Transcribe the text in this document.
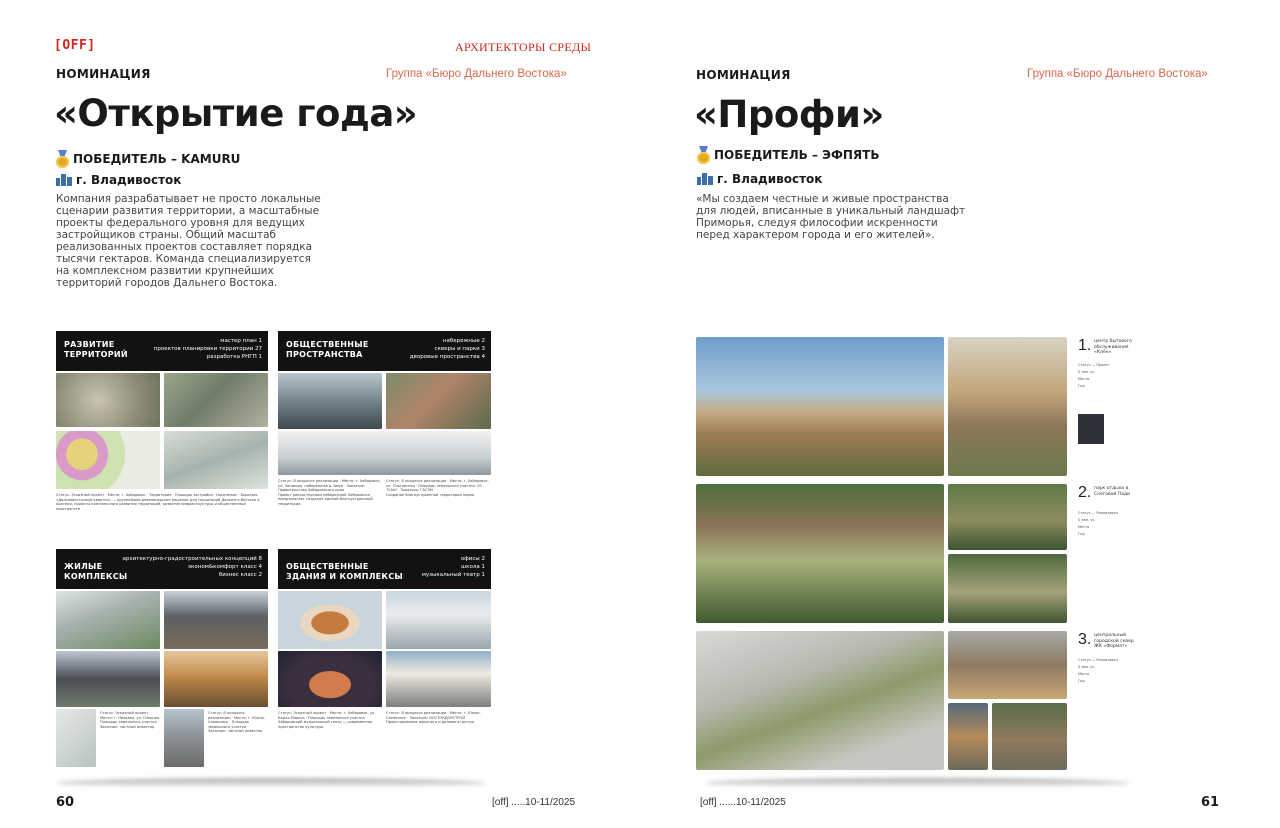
[OFF]	АРХИТЕКТОРЫ СРЕДЫ
НОМИНАЦИЯ	Группа «Бюро Дальнего Востока»
«Открытие года»
ПОБЕДИТЕЛЬ – KAMURU
г. Владивосток
Компания разрабатывает не просто локальные сценарии развития территории, а масштабные проекты федерального уровня для ведущих застройщиков страны. Общий масштаб реализованных проектов составляет порядка тысячи гектаров. Команда специализируется на комплексном развитии крупнейших территорий городов Дальнего Востока.
60	[off] .....10-11/2025
РАЗВИТИЕ
ТЕРРИТОРИЙ
мастер план 1
проектов планировки территории 27
разработка РНГП 1
Статус: Эскизный проект · Место: г. Хабаровск · Территория · Площадь застройки · Население · Заказчик
«Дальневосточный квартал» — крупнейшее девелоперское решение для территорий Дальнего Востока и Арктики, проекты комплексного развития территорий, развитие инфраструктуры и общественных пространств
ОБЩЕСТВЕННЫЕ
ПРОСТРАНСТВА
набережные 2
скверы и парки 3
дворовые пространства 4
Статус: В процессе реализации · Место: г. Хабаровск, ул. Заговора, набережная р. Амур · Заказчик: Правительство Хабаровского края
Проект реконструкции набережной Хабаровска предполагает создание единой благоустроенной территории
Статус: В процессе реализации · Место: г. Хабаровск, ул. Ольговская · Площадь земельного участка: 20 700м² · Заказчик: ГАСЗМ
Создание благоустроенной территории парка
ЖИЛЫЕ
КОМПЛЕКСЫ
архитектурно-градостроительных концепций 8
эконом&комфорт класс 4
бизнес класс 2
Статус: Эскизный проект · Место: г. Находка, ул. Озерная · Площадь земельного участка · Заказчик: частный инвестор
Статус: В процессе реализации · Место: г. Южно-Сахалинск · Площадь земельного участка · Заказчик: частный инвестор
ОБЩЕСТВЕННЫЕ
ЗДАНИЯ И КОМПЛЕКСЫ
офисы 2
школа 1
музыкальный театр 1
Статус: Эскизный проект · Место: г. Хабаровск, ул. Карла Маркса · Площадь земельного участка
Хабаровский музыкальный театр — современное пространство культуры
Статус: В процессе реализации · Место: г. Южно-Сахалинск · Заказчик: ВОСТОКДОРСТРОЙ
Проектирование офисного и делового центра
НОМИНАЦИЯ	Группа «Бюро Дальнего Востока»
«Профи»
ПОБЕДИТЕЛЬ – ЭФПЯТЬ
г. Владивосток
«Мы создаем честные и живые пространства для людей, вписанные в уникальный ландшафт Приморья, следуя философии искренности перед характером города и его жителей».
[off] ......10-11/2025	61
1. центр бытового обслуживания «Клён»
Статус — Проект
S зем. уч.
Место
Год
2. парк отдыха в Снеговой Пади
Статус — Реализован
S зем. уч.
Место
Год
3. центральный городской сквер ЖК «Формат»
Статус — Реализован
S зем. уч.
Место
Год
